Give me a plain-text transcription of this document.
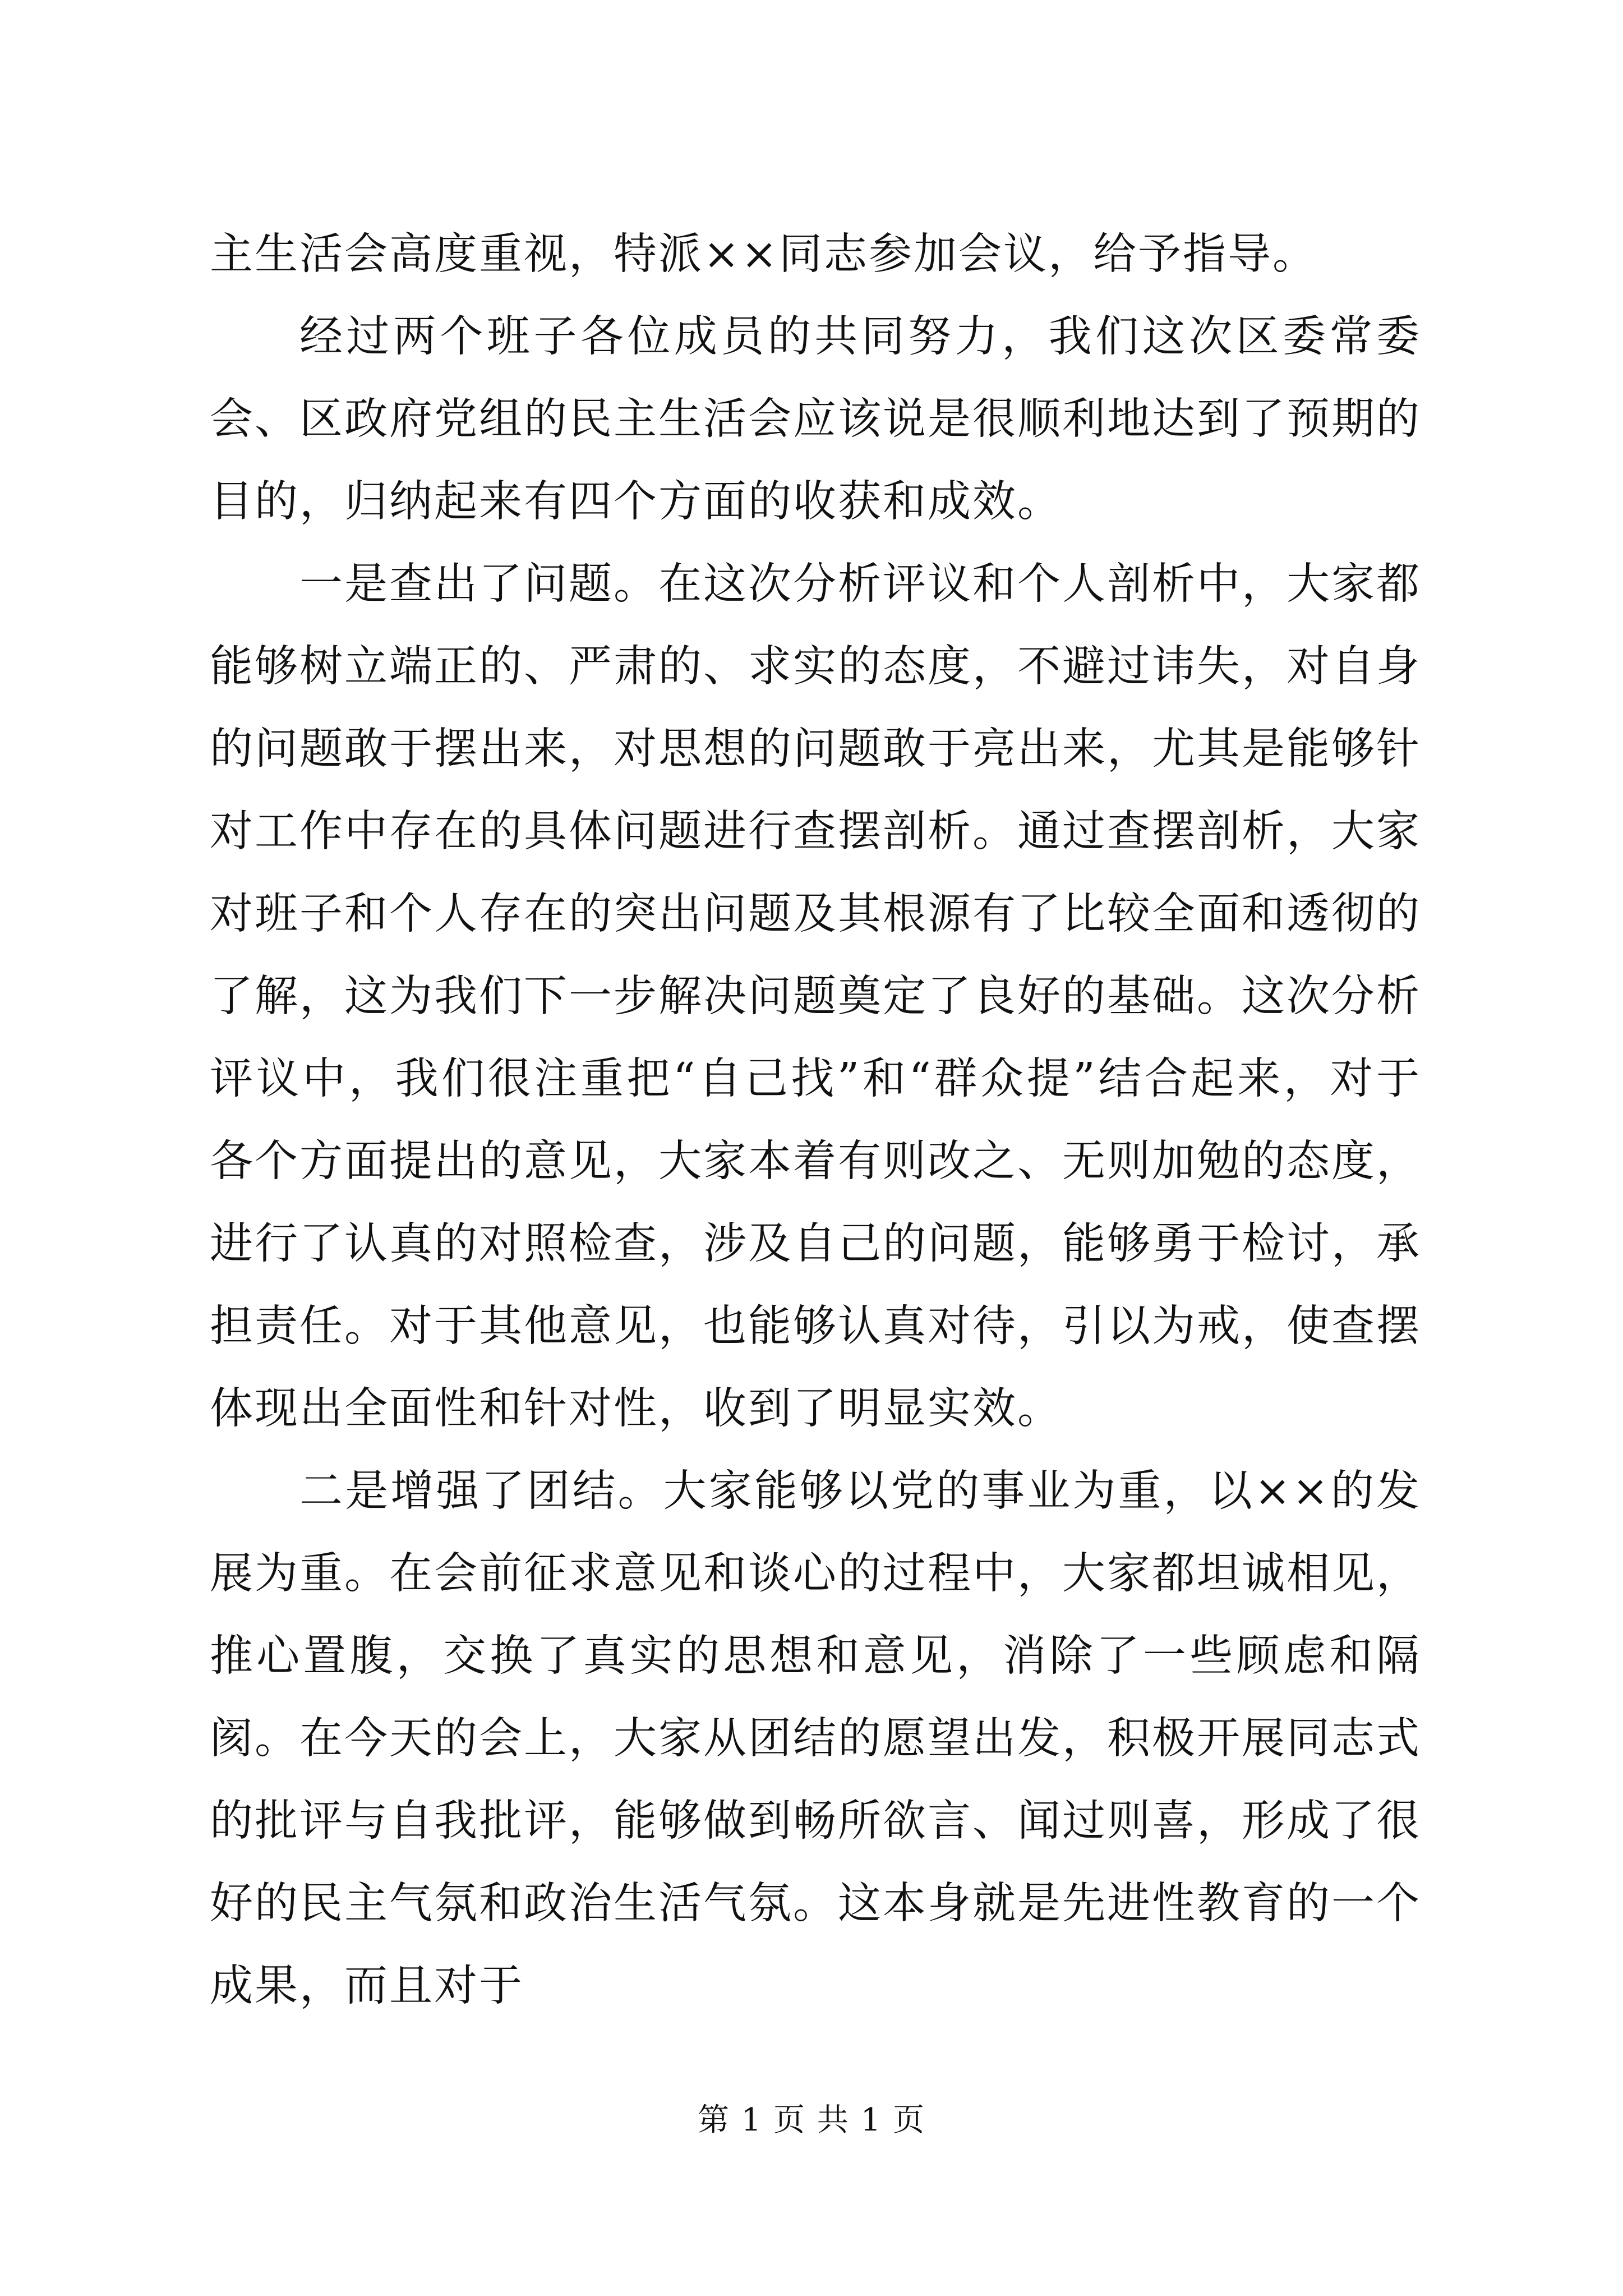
主生活会高度重视，特派××同志参加会议，给予指导。

经过两个班子各位成员的共同努力，我们这次区委常委会、区政府党组的民主生活会应该说是很顺利地达到了预期的目的，归纳起来有四个方面的收获和成效。

一是查出了问题。在这次分析评议和个人剖析中，大家都能够树立端正的、严肃的、求实的态度，不避过讳失，对自身的问题敢于摆出来，对思想的问题敢于亮出来，尤其是能够针对工作中存在的具体问题进行查摆剖析。通过查摆剖析，大家对班子和个人存在的突出问题及其根源有了比较全面和透彻的了解，这为我们下一步解决问题奠定了良好的基础。这次分析评议中，我们很注重把“自己找”和“群众提”结合起来，对于各个方面提出的意见，大家本着有则改之、无则加勉的态度，进行了认真的对照检查，涉及自己的问题，能够勇于检讨，承担责任。对于其他意见，也能够认真对待，引以为戒，使查摆体现出全面性和针对性，收到了明显实效。

二是增强了团结。大家能够以党的事业为重，以××的发展为重。在会前征求意见和谈心的过程中，大家都坦诚相见，推心置腹，交换了真实的思想和意见，消除了一些顾虑和隔阂。在今天的会上，大家从团结的愿望出发，积极开展同志式的批评与自我批评，能够做到畅所欲言、闻过则喜，形成了很好的民主气氛和政治生活气氛。这本身就是先进性教育的一个成果，而且对于

第 1 页 共 1 页
